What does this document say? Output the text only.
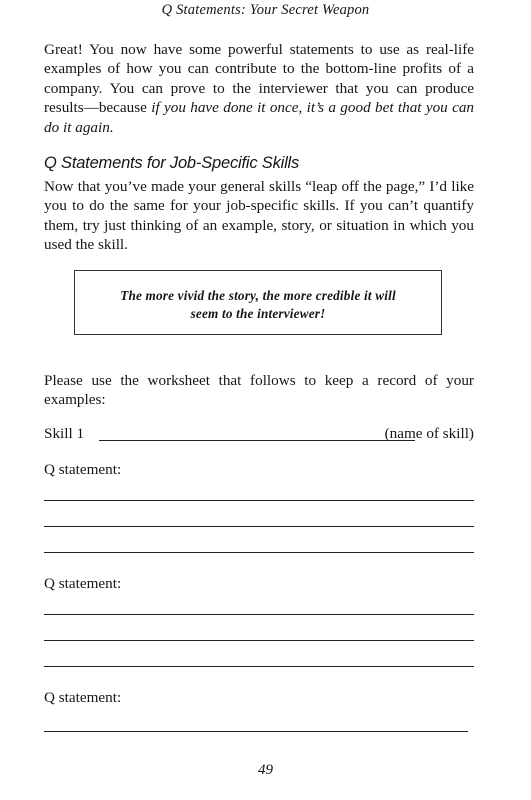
Q Statements: Your Secret Weapon

Great! You now have some powerful statements to use as real-life examples of how you can contribute to the bottom-line profits of a company. You can prove to the interviewer that you can produce results—because if you have done it once, it’s a good bet that you can do it again.

Q Statements for Job-Specific Skills

Now that you’ve made your general skills “leap off the page,” I’d like you to do the same for your job-specific skills. If you can’t quantify them, try just thinking of an example, story, or situation in which you used the skill.

The more vivid the story, the more credible it will
seem to the interviewer!

Please use the worksheet that follows to keep a record of your examples:

Skill 1	(name of skill)
Q statement:
Q statement:
Q statement:
49
